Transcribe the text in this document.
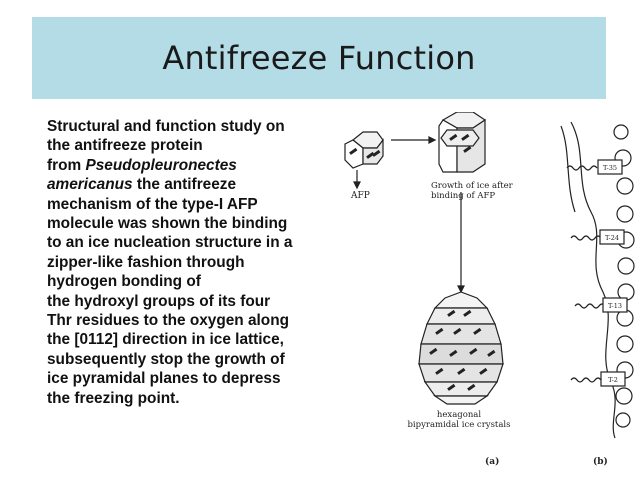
Antifreeze Function
Structural and function study on
the antifreeze protein
from Pseudopleuronectes
americanus the antifreeze
mechanism of the type-I AFP
molecule was shown the binding
to an ice nucleation structure in a
zipper-like fashion through
hydrogen bonding of
the hydroxyl groups of its four
Thr residues to the oxygen along
the [0112] direction in ice lattice,
subsequently stop the growth of
ice pyramidal planes to depress
the freezing point.
AFP
Growth of ice after
binding of AFP
hexagonal
bipyramidal ice crystals
(a)	(b)
T-35
T-24
T-13
T-2
